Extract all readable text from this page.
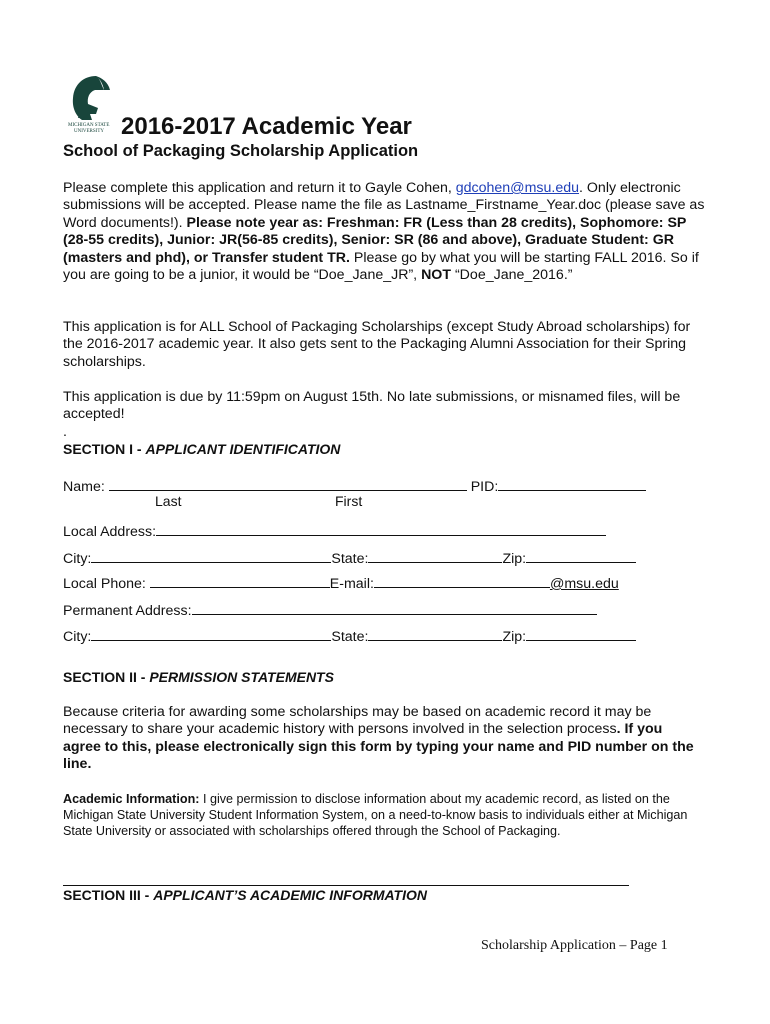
MICHIGAN STATE
UNIVERSITY 2016-2017 Academic Year
School of Packaging Scholarship Application
Please complete this application and return it to Gayle Cohen, gdcohen@msu.edu. Only electronic submissions will be accepted. Please name the file as Lastname_Firstname_Year.doc (please save as Word documents!). Please note year as: Freshman: FR (Less than 28 credits), Sophomore: SP (28-55 credits), Junior: JR(56-85 credits), Senior: SR (86 and above), Graduate Student: GR (masters and phd), or Transfer student TR. Please go by what you will be starting FALL 2016. So if you are going to be a junior, it would be “Doe_Jane_JR”, NOT “Doe_Jane_2016.”
This application is for ALL School of Packaging Scholarships (except Study Abroad scholarships) for the 2016-2017 academic year. It also gets sent to the Packaging Alumni Association for their Spring scholarships.
This application is due by 11:59pm on August 15th. No late submissions, or misnamed files, will be accepted!
.
SECTION I - APPLICANT IDENTIFICATION
Name:	PID:
Last	First
Local Address:
City:	State:	Zip:
Local Phone:	E-mail:	@msu.edu
Permanent Address:
City:	State:	Zip:
SECTION II - PERMISSION STATEMENTS
Because criteria for awarding some scholarships may be based on academic record it may be necessary to share your academic history with persons involved in the selection process. If you agree to this, please electronically sign this form by typing your name and PID number on the line.
Academic Information: I give permission to disclose information about my academic record, as listed on the Michigan State University Student Information System, on a need-to-know basis to individuals either at Michigan State University or associated with scholarships offered through the School of Packaging.
SECTION III - APPLICANT’S ACADEMIC INFORMATION
Scholarship Application – Page 1
